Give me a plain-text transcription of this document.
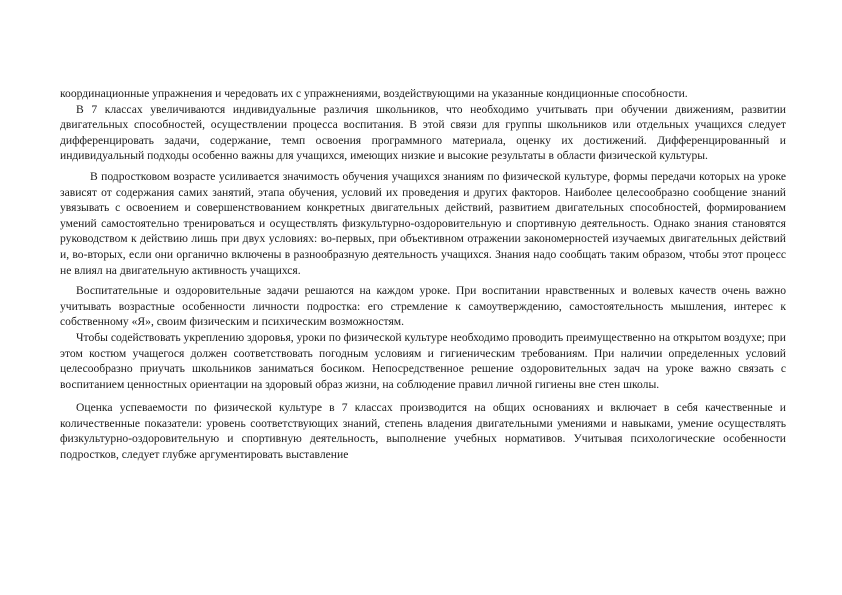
координационные упражнения и чередовать их с упражнениями, воздействующими на указанные кондиционные способности.

В 7 классах увеличиваются индивидуальные различия школьников, что необходимо учитывать при обучении движениям, развитии двигательных способностей, осуществлении процесса воспитания. В этой связи для группы школьников или отдельных учащихся следует дифференцировать задачи, содержание, темп освоения программного материала, оценку их достижений. Дифференцированный и индивидуальный подходы особенно важны для учащихся, имеющих низкие и высокие результаты в области физической культуры.

В подростковом возрасте усиливается значимость обучения учащихся знаниям по физической культуре, формы передачи которых на уроке зависят от содержания самих занятий, этапа обучения, условий их проведения и других факторов. Наиболее целесообразно сообщение знаний увязывать с освоением и совершенствованием конкретных двигательных действий, развитием двигательных способностей, формированием умений самостоятельно тренироваться и осуществлять физкультурно-оздоровительную и спортивную деятельность. Однако знания становятся руководством к действию лишь при двух условиях: во-первых, при объективном отражении закономерностей изучаемых двигательных действий и, во-вторых, если они органично включены в разнообразную деятельность учащихся. Знания надо сообщать таким образом, чтобы этот процесс не влиял на двигательную активность учащихся.

Воспитательные и оздоровительные задачи решаются на каждом уроке. При воспитании нравственных и волевых качеств очень важно учитывать возрастные особенности личности подростка: его стремление к самоутверждению, самостоятельность мышления, интерес к собственному «Я», своим физическим и психическим возможностям.

Чтобы содействовать укреплению здоровья, уроки по физической культуре необходимо проводить преимущественно на открытом воздухе; при этом костюм учащегося должен соответствовать погодным условиям и гигиеническим требованиям. При наличии определенных условий целесообразно приучать школьников заниматься босиком. Непосредственное решение оздоровительных задач на уроке важно связать с воспитанием ценностных ориентации на здоровый образ жизни, на соблюдение правил личной гигиены вне стен школы.

Оценка успеваемости по физической культуре в 7 классах производится на общих основаниях и включает в себя качественные и количественные показатели: уровень соответствующих знаний, степень владения двигательными умениями и навыками, умение осуществлять физкультурно-оздоровительную и спортивную деятельность, выполнение учебных нормативов. Учитывая психологические особенности подростков, следует глубже аргументировать выставление
